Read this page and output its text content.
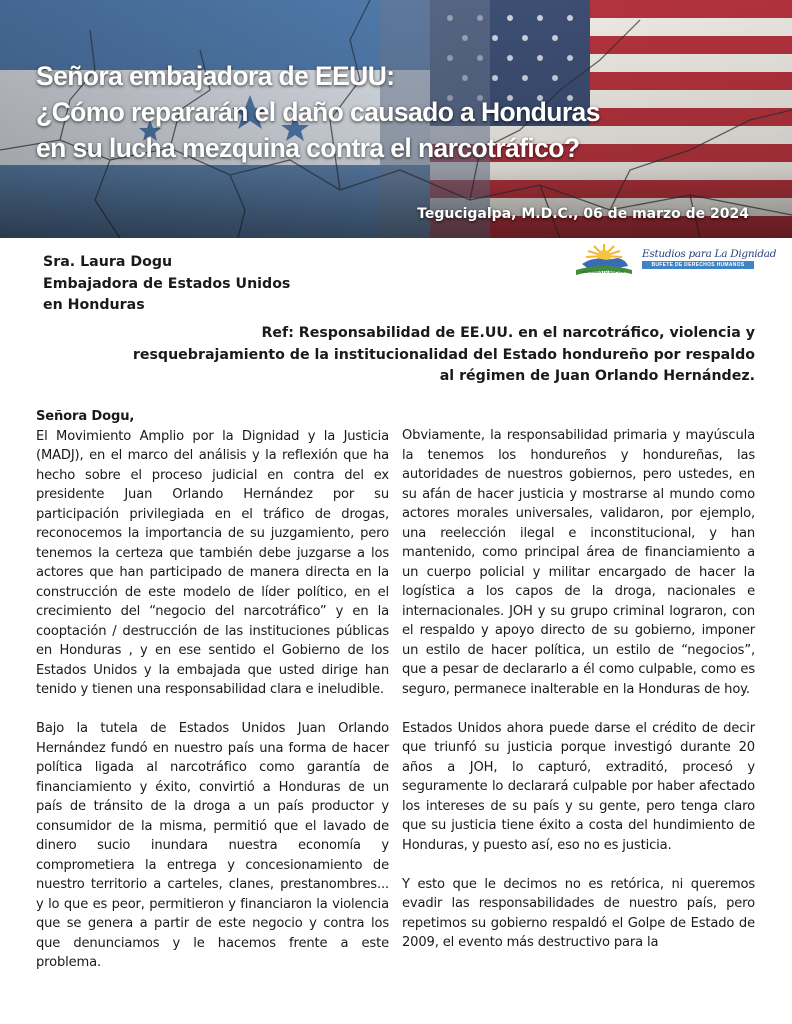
Señora embajadora de EEUU:
¿Cómo repararán el daño causado a Honduras
en su lucha mezquina contra el narcotráfico?

Tegucigalpa, M.D.C., 06 de marzo de 2024

Sra. Laura Dogu
Embajadora de Estados Unidos
en Honduras

MOVIMIENTO AMPLIO
Estudios para La Dignidad
BUFETE DE DERECHOS HUMANOS

Ref: Responsabilidad de EE.UU. en el narcotráfico, violencia y
resquebrajamiento de la institucionalidad del Estado hondureño por respaldo
al régimen de Juan Orlando Hernández.

Señora Dogu,

El Movimiento Amplio por la Dignidad y la Justicia (MADJ), en el marco del análisis y la reflexión que ha hecho sobre el proceso judicial en contra del ex presidente Juan Orlando Hernández por su participación privilegiada en el tráfico de drogas, reconocemos la importancia de su juzgamiento, pero tenemos la certeza que también debe juzgarse a los actores que han participado de manera directa en la construcción de este modelo de líder político, en el crecimiento del “negocio del narcotráfico” y en la cooptación / destrucción de las instituciones públicas en Honduras , y en ese sentido el Gobierno de los Estados Unidos y la embajada que usted dirige han tenido y tienen una responsabilidad clara e ineludible.

Bajo la tutela de Estados Unidos Juan Orlando Hernández fundó en nuestro país una forma de hacer política ligada al narcotráfico como garantía de financiamiento y éxito, convirtió a Honduras de un país de tránsito de la droga a un país productor y consumidor de la misma, permitió que el lavado de dinero sucio inundara nuestra economía y comprometiera la entrega y concesionamiento de nuestro territorio a carteles, clanes, prestanombres... y lo que es peor, permitieron y financiaron la violencia que se genera a partir de este negocio y contra los que denunciamos y le hacemos frente a este problema.

Obviamente, la responsabilidad primaria y mayúscula la tenemos los hondureños y hondureñas, las autoridades de nuestros gobiernos, pero ustedes, en su afán de hacer justicia y mostrarse al mundo como actores morales universales, validaron, por ejemplo, una reelección ilegal e inconstitucional, y han mantenido, como principal área de financiamiento a un cuerpo policial y militar encargado de hacer la logística a los capos de la droga, nacionales e internacionales. JOH y su grupo criminal lograron, con el respaldo y apoyo directo de su gobierno, imponer un estilo de hacer política, un estilo de “negocios”, que a pesar de declararlo a él como culpable, como es seguro, permanece inalterable en la Honduras de hoy.

Estados Unidos ahora puede darse el crédito de decir que triunfó su justicia porque investigó durante 20 años a JOH, lo capturó, extraditó, procesó y seguramente lo declarará culpable por haber afectado los intereses de su país y su gente, pero tenga claro que su justicia tiene éxito a costa del hundimiento de Honduras, y puesto así, eso no es justicia.

Y esto que le decimos no es retórica, ni queremos evadir las responsabilidades de nuestro país, pero repetimos su gobierno respaldó el Golpe de Estado de 2009, el evento más destructivo para la
